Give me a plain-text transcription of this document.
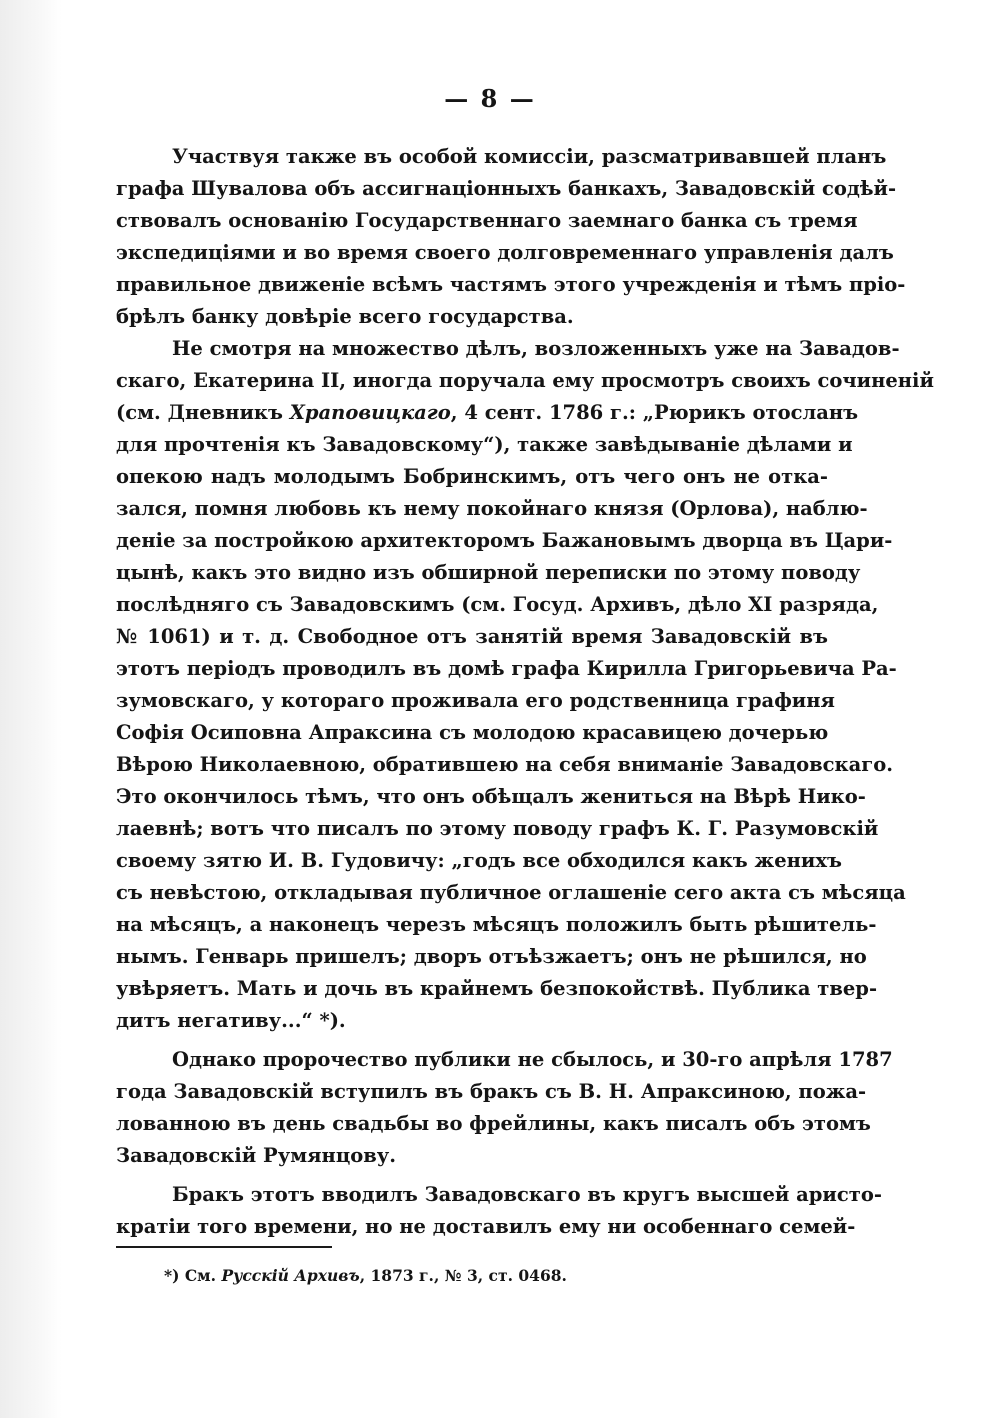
— 8 —
Участвуя также въ особой комиссіи, разсматривавшей планъ
графа Шувалова объ ассигнаціонныхъ банкахъ, Завадовскій содѣй-
ствовалъ основанію Государственнаго заемнаго банка съ тремя
экспедиціями и во время своего долговременнаго управленія далъ
правильное движеніе всѣмъ частямъ этого учрежденія и тѣмъ пріо-
брѣлъ банку довѣріе всего государства.
Не смотря на множество дѣлъ, возложенныхъ уже на Завадов-
скаго, Екатерина II, иногда поручала ему просмотръ своихъ сочиненій
(см. Дневникъ Храповицкаго, 4 сент. 1786 г.: „Рюрикъ отосланъ
для прочтенія къ Завадовскому“), также завѣдываніе дѣлами и
опекою надъ молодымъ Бобринскимъ, отъ чего онъ не отка-
зался, помня любовь къ нему покойнаго князя (Орлова), наблю-
деніе за постройкою архитекторомъ Бажановымъ дворца въ Цари-
цынѣ, какъ это видно изъ обширной переписки по этому поводу
послѣдняго съ Завадовскимъ (см. Госуд. Архивъ, дѣло XI разряда,
№ 1061) и т. д. Свободное отъ занятій время Завадовскій въ
этотъ періодъ проводилъ въ домѣ графа Кирилла Григорьевича Ра-
зумовскаго, у котораго проживала его родственница графиня
Софія Осиповна Апраксина съ молодою красавицею дочерью
Вѣрою Николаевною, обратившею на себя вниманіе Завадовскаго.
Это окончилось тѣмъ, что онъ обѣщалъ жениться на Вѣрѣ Нико-
лаевнѣ; вотъ что писалъ по этому поводу графъ К. Г. Разумовскій
своему зятю И. В. Гудовичу: „годъ все обходился какъ женихъ
съ невѣстою, откладывая публичное оглашеніе сего акта съ мѣсяца
на мѣсяцъ, а наконецъ черезъ мѣсяцъ положилъ быть рѣшитель-
нымъ. Генварь пришелъ; дворъ отъѣзжаетъ; онъ не рѣшился, но
увѣряетъ. Мать и дочь въ крайнемъ безпокойствѣ. Публика твер-
дитъ негативу...“ *).
Однако пророчество публики не сбылось, и 30-го апрѣля 1787
года Завадовскій вступилъ въ бракъ съ В. Н. Апраксиною, пожа-
лованною въ день свадьбы во фрейлины, какъ писалъ объ этомъ
Завадовскій Румянцову.
Бракъ этотъ вводилъ Завадовскаго въ кругъ высшей аристо-
кратіи того времени, но не доставилъ ему ни особеннаго семей-
*) См. Русскій Архивъ, 1873 г., № 3, ст. 0468.
